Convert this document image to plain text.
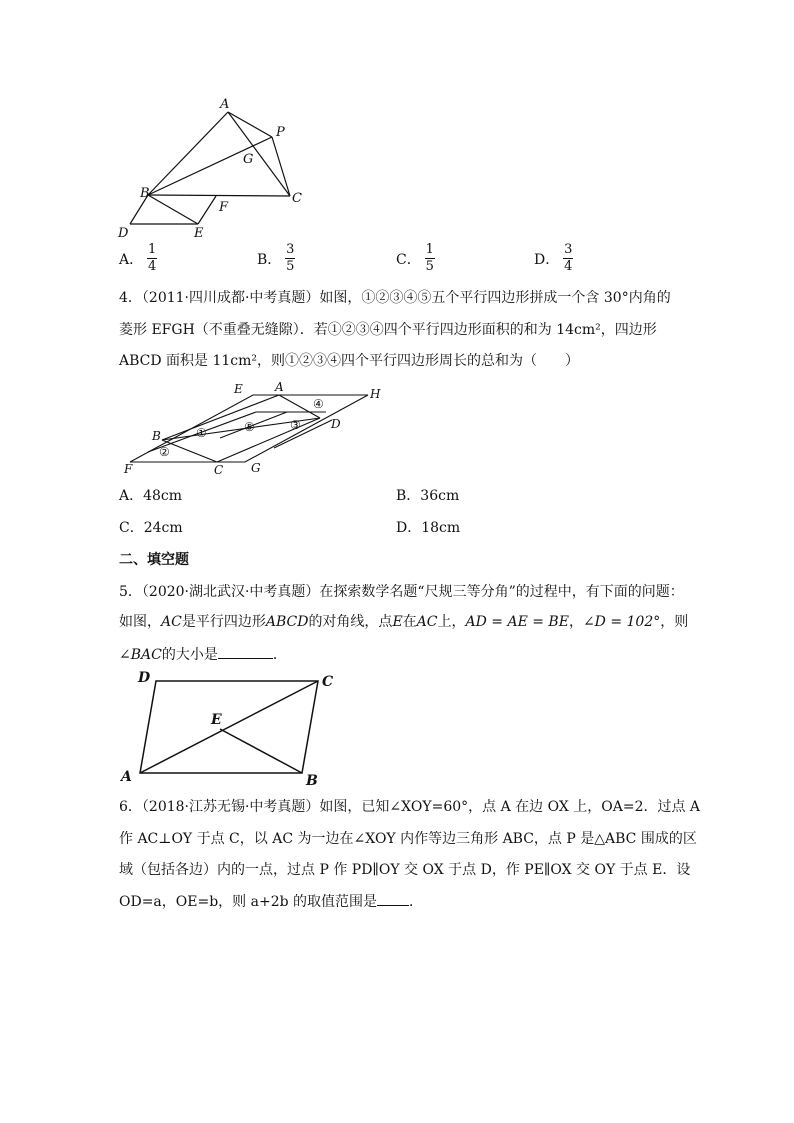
A
P
G
B	C
F
D	E
A． $\frac{1}{4}$	B． $\frac{3}{5}$	C． $\frac{1}{5}$	D． $\frac{3}{4}$
4．（2011·四川成都·中考真题）如图，①②③④⑤五个平行四边形拼成一个含 30°内角的
菱形 EFGH（不重叠无缝隙）．若①②③④四个平行四边形面积的和为 14cm²，四边形
ABCD 面积是 11cm²，则①②③④四个平行四边形周长的总和为（　　）
E	A	H
B
D
F	C G
①
②
③
④
⑤
A．48cm	B．36cm
C．24cm	D．18cm
二、填空题
5．（2020·湖北武汉·中考真题）在探索数学名题“尺规三等分角”的过程中，有下面的问题：
如图，AC是平行四边形ABCD的对角线，点E在AC上，AD = AE = BE，∠D = 102°，则
∠BAC的大小是	．
D	C
E
A	B
6．（2018·江苏无锡·中考真题）如图，已知∠XOY=60°，点 A 在边 OX 上，OA=2．过点 A
作 AC⊥OY 于点 C，以 AC 为一边在∠XOY 内作等边三角形 ABC，点 P 是△ABC 围成的区
域（包括各边）内的一点，过点 P 作 PD∥OY 交 OX 于点 D，作 PE∥OX 交 OY 于点 E．设
OD=a，OE=b，则 a+2b 的取值范围是 ．
